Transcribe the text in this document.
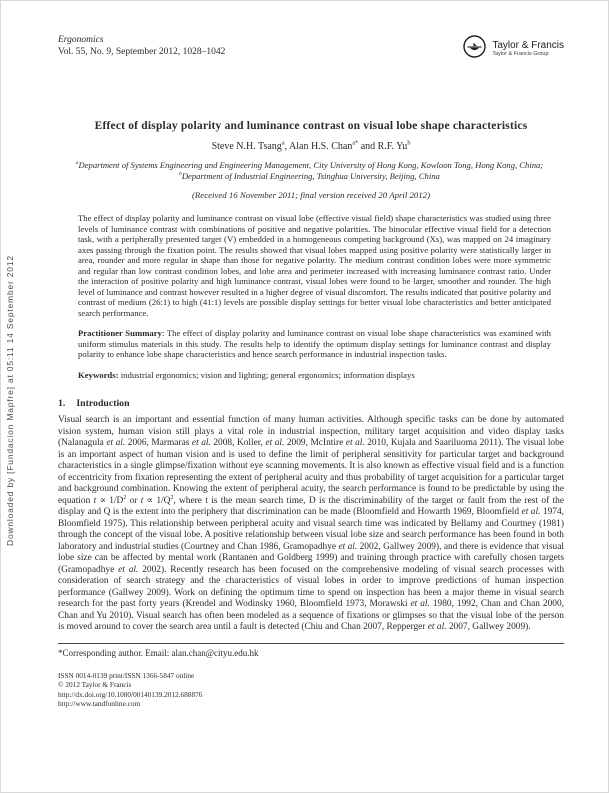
Downloaded by [Fundacion Mapfre] at 05:11 14 September 2012
Ergonomics
Vol. 55, No. 9, September 2012, 1028–1042
Taylor & Francis
Taylor & Francis Group
Effect of display polarity and luminance contrast on visual lobe shape characteristics
Steve N.H. Tsang$^a$, Alan H.S. Chan$^{a*}$ and R.F. Yu$^b$
$^a$Department of Systems Engineering and Engineering Management, City University of Hong Kong, Kowloon Tong, Hong Kong, China; $^b$Department of Industrial Engineering, Tsinghua University, Beijing, China
(Received 16 November 2011; final version received 20 April 2012)

The effect of display polarity and luminance contrast on visual lobe (effective visual field) shape characteristics was studied using three levels of luminance contrast with combinations of positive and negative polarities. The binocular effective visual field for a detection task, with a peripherally presented target (V) embedded in a homogeneous competing background (Xs), was mapped on 24 imaginary axes passing through the fixation point. The results showed that visual lobes mapped using positive polarity were statistically larger in area, rounder and more regular in shape than those for negative polarity. The medium contrast condition lobes were more symmetric and regular than low contrast condition lobes, and lobe area and perimeter increased with increasing luminance contrast ratio. Under the interaction of positive polarity and high luminance contrast, visual lobes were found to be larger, smoother and rounder. The high level of luminance and contrast however resulted in a higher degree of visual discomfort. The results indicated that positive polarity and contrast of medium (26:1) to high (41:1) levels are possible display settings for better visual lobe characteristics and better anticipated search performance.

Practitioner Summary: The effect of display polarity and luminance contrast on visual lobe shape characteristics was examined with uniform stimulus materials in this study. The results help to identify the optimum display settings for luminance contrast and display polarity to enhance lobe shape characteristics and hence search performance in industrial inspection tasks.

Keywords: industrial ergonomics; vision and lighting; general ergonomics; information displays

1. Introduction

Visual search is an important and essential function of many human activities. Although specific tasks can be done by automated vision system, human vision still plays a vital role in industrial inspection, military target acquisition and video display tasks (Nalanagula et al. 2006, Marmaras et al. 2008, Koller, et al. 2009, McIntire et al. 2010, Kujala and Saariluoma 2011). The visual lobe is an important aspect of human vision and is used to define the limit of peripheral sensitivity for particular target and background characteristics in a single glimpse/fixation without eye scanning movements. It is also known as effective visual field and is a function of eccentricity from fixation representing the extent of peripheral acuity and thus probability of target acquisition for a particular target and background combination. Knowing the extent of peripheral acuity, the search performance is found to be predictable by using the equation $t \propto 1/D^2$ or $t \propto 1/Q^2$, where t is the mean search time, D is the discriminability of the target or fault from the rest of the display and Q is the extent into the periphery that discrimination can be made (Bloomfield and Howarth 1969, Bloomfield et al. 1974, Bloomfield 1975). This relationship between peripheral acuity and visual search time was indicated by Bellamy and Courtney (1981) through the concept of the visual lobe. A positive relationship between visual lobe size and search performance has been found in both laboratory and industrial studies (Courtney and Chan 1986, Gramopadhye et al. 2002, Gallwey 2009), and there is evidence that visual lobe size can be affected by mental work (Rantanen and Goldberg 1999) and training through practice with carefully chosen targets (Gramopadhye et al. 2002). Recently research has been focused on the comprehensive modeling of visual search processes with consideration of search strategy and the characteristics of visual lobes in order to improve predictions of human inspection performance (Gallwey 2009). Work on defining the optimum time to spend on inspection has been a major theme in visual search research for the past forty years (Krendel and Wodinsky 1960, Bloomfield 1973, Morawski et al. 1980, 1992, Chan and Chan 2000, Chan and Yu 2010). Visual search has often been modeled as a sequence of fixations or glimpses so that the visual lobe of the person is moved around to cover the search area until a fault is detected (Chiu and Chan 2007, Repperger et al. 2007, Gallwey 2009).

*Corresponding author. Email: alan.chan@cityu.edu.hk

ISSN 0014-0139 print/ISSN 1366-5847 online
© 2012 Taylor & Francis
http://dx.doi.org/10.1080/00140139.2012.688876
http://www.tandfonline.com
